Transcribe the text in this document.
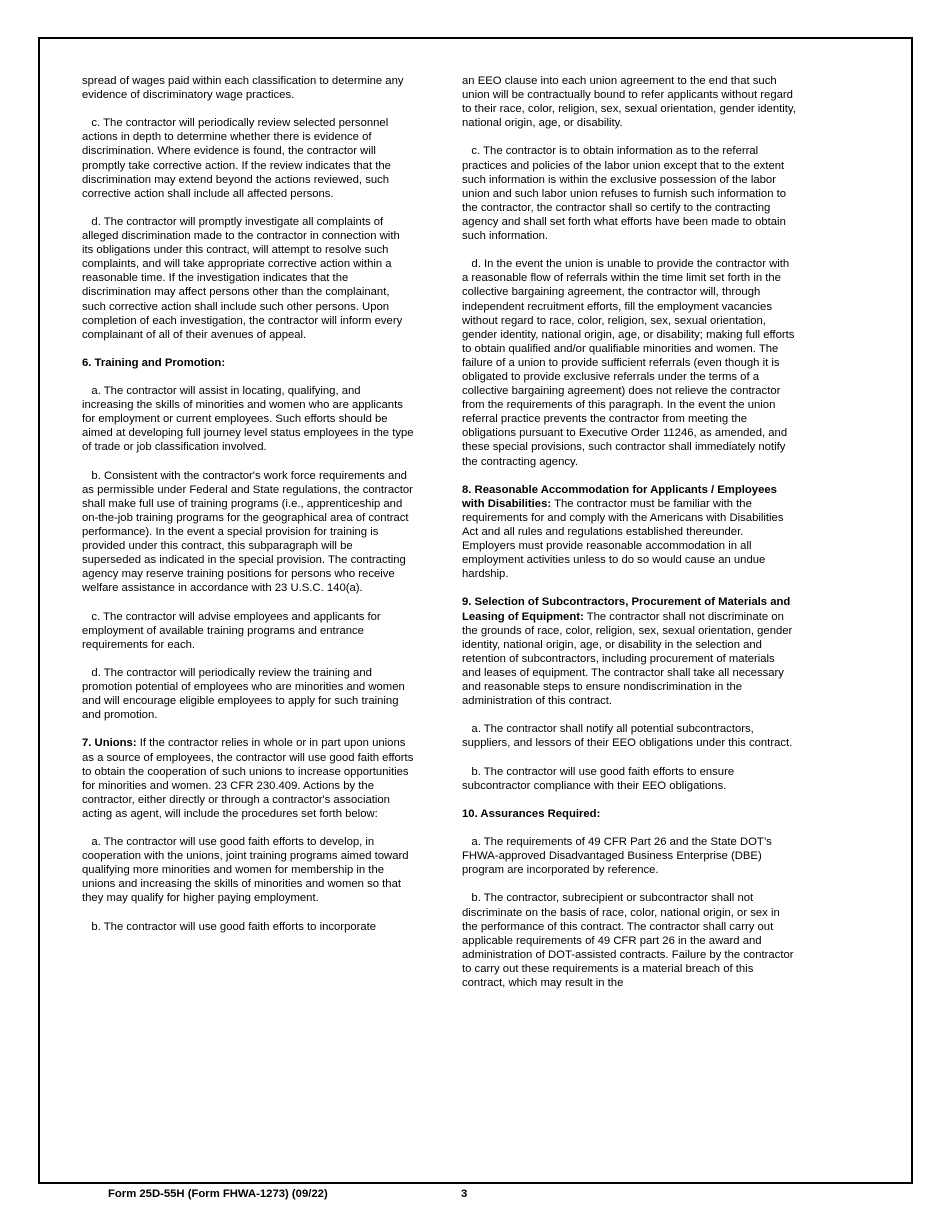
spread of wages paid within each classification to determine any evidence of discriminatory wage practices.

c. The contractor will periodically review selected personnel actions in depth to determine whether there is evidence of discrimination. Where evidence is found, the contractor will promptly take corrective action. If the review indicates that the discrimination may extend beyond the actions reviewed, such corrective action shall include all affected persons.

d. The contractor will promptly investigate all complaints of alleged discrimination made to the contractor in connection with its obligations under this contract, will attempt to resolve such complaints, and will take appropriate corrective action within a reasonable time. If the investigation indicates that the discrimination may affect persons other than the complainant, such corrective action shall include such other persons. Upon completion of each investigation, the contractor will inform every complainant of all of their avenues of appeal.

6. Training and Promotion:

a. The contractor will assist in locating, qualifying, and increasing the skills of minorities and women who are applicants for employment or current employees. Such efforts should be aimed at developing full journey level status employees in the type of trade or job classification involved.

b. Consistent with the contractor's work force requirements and as permissible under Federal and State regulations, the contractor shall make full use of training programs (i.e., apprenticeship and on-the-job training programs for the geographical area of contract performance). In the event a special provision for training is provided under this contract, this subparagraph will be superseded as indicated in the special provision. The contracting agency may reserve training positions for persons who receive welfare assistance in accordance with 23 U.S.C. 140(a).

c. The contractor will advise employees and applicants for employment of available training programs and entrance requirements for each.

d. The contractor will periodically review the training and promotion potential of employees who are minorities and women and will encourage eligible employees to apply for such training and promotion.

7. Unions: If the contractor relies in whole or in part upon unions as a source of employees, the contractor will use good faith efforts to obtain the cooperation of such unions to increase opportunities for minorities and women. 23 CFR 230.409. Actions by the contractor, either directly or through a contractor's association acting as agent, will include the procedures set forth below:

a. The contractor will use good faith efforts to develop, in cooperation with the unions, joint training programs aimed toward qualifying more minorities and women for membership in the unions and increasing the skills of minorities and women so that they may qualify for higher paying employment.

b. The contractor will use good faith efforts to incorporate

an EEO clause into each union agreement to the end that such union will be contractually bound to refer applicants without regard to their race, color, religion, sex, sexual orientation, gender identity, national origin, age, or disability.

c. The contractor is to obtain information as to the referral practices and policies of the labor union except that to the extent such information is within the exclusive possession of the labor union and such labor union refuses to furnish such information to the contractor, the contractor shall so certify to the contracting agency and shall set forth what efforts have been made to obtain such information.

d. In the event the union is unable to provide the contractor with a reasonable flow of referrals within the time limit set forth in the collective bargaining agreement, the contractor will, through independent recruitment efforts, fill the employment vacancies without regard to race, color, religion, sex, sexual orientation, gender identity, national origin, age, or disability; making full efforts to obtain qualified and/or qualifiable minorities and women. The failure of a union to provide sufficient referrals (even though it is obligated to provide exclusive referrals under the terms of a collective bargaining agreement) does not relieve the contractor from the requirements of this paragraph. In the event the union referral practice prevents the contractor from meeting the obligations pursuant to Executive Order 11246, as amended, and these special provisions, such contractor shall immediately notify the contracting agency.

8. Reasonable Accommodation for Applicants / Employees with Disabilities: The contractor must be familiar with the requirements for and comply with the Americans with Disabilities Act and all rules and regulations established thereunder. Employers must provide reasonable accommodation in all employment activities unless to do so would cause an undue hardship.

9. Selection of Subcontractors, Procurement of Materials and Leasing of Equipment: The contractor shall not discriminate on the grounds of race, color, religion, sex, sexual orientation, gender identity, national origin, age, or disability in the selection and retention of subcontractors, including procurement of materials and leases of equipment. The contractor shall take all necessary and reasonable steps to ensure nondiscrimination in the administration of this contract.

a. The contractor shall notify all potential subcontractors, suppliers, and lessors of their EEO obligations under this contract.

b. The contractor will use good faith efforts to ensure subcontractor compliance with their EEO obligations.

10. Assurances Required:

a. The requirements of 49 CFR Part 26 and the State DOT’s FHWA-approved Disadvantaged Business Enterprise (DBE) program are incorporated by reference.

b. The contractor, subrecipient or subcontractor shall not discriminate on the basis of race, color, national origin, or sex in the performance of this contract. The contractor shall carry out applicable requirements of 49 CFR part 26 in the award and administration of DOT-assisted contracts. Failure by the contractor to carry out these requirements is a material breach of this contract, which may result in the

Form 25D-55H (Form FHWA-1273) (09/22)	3
